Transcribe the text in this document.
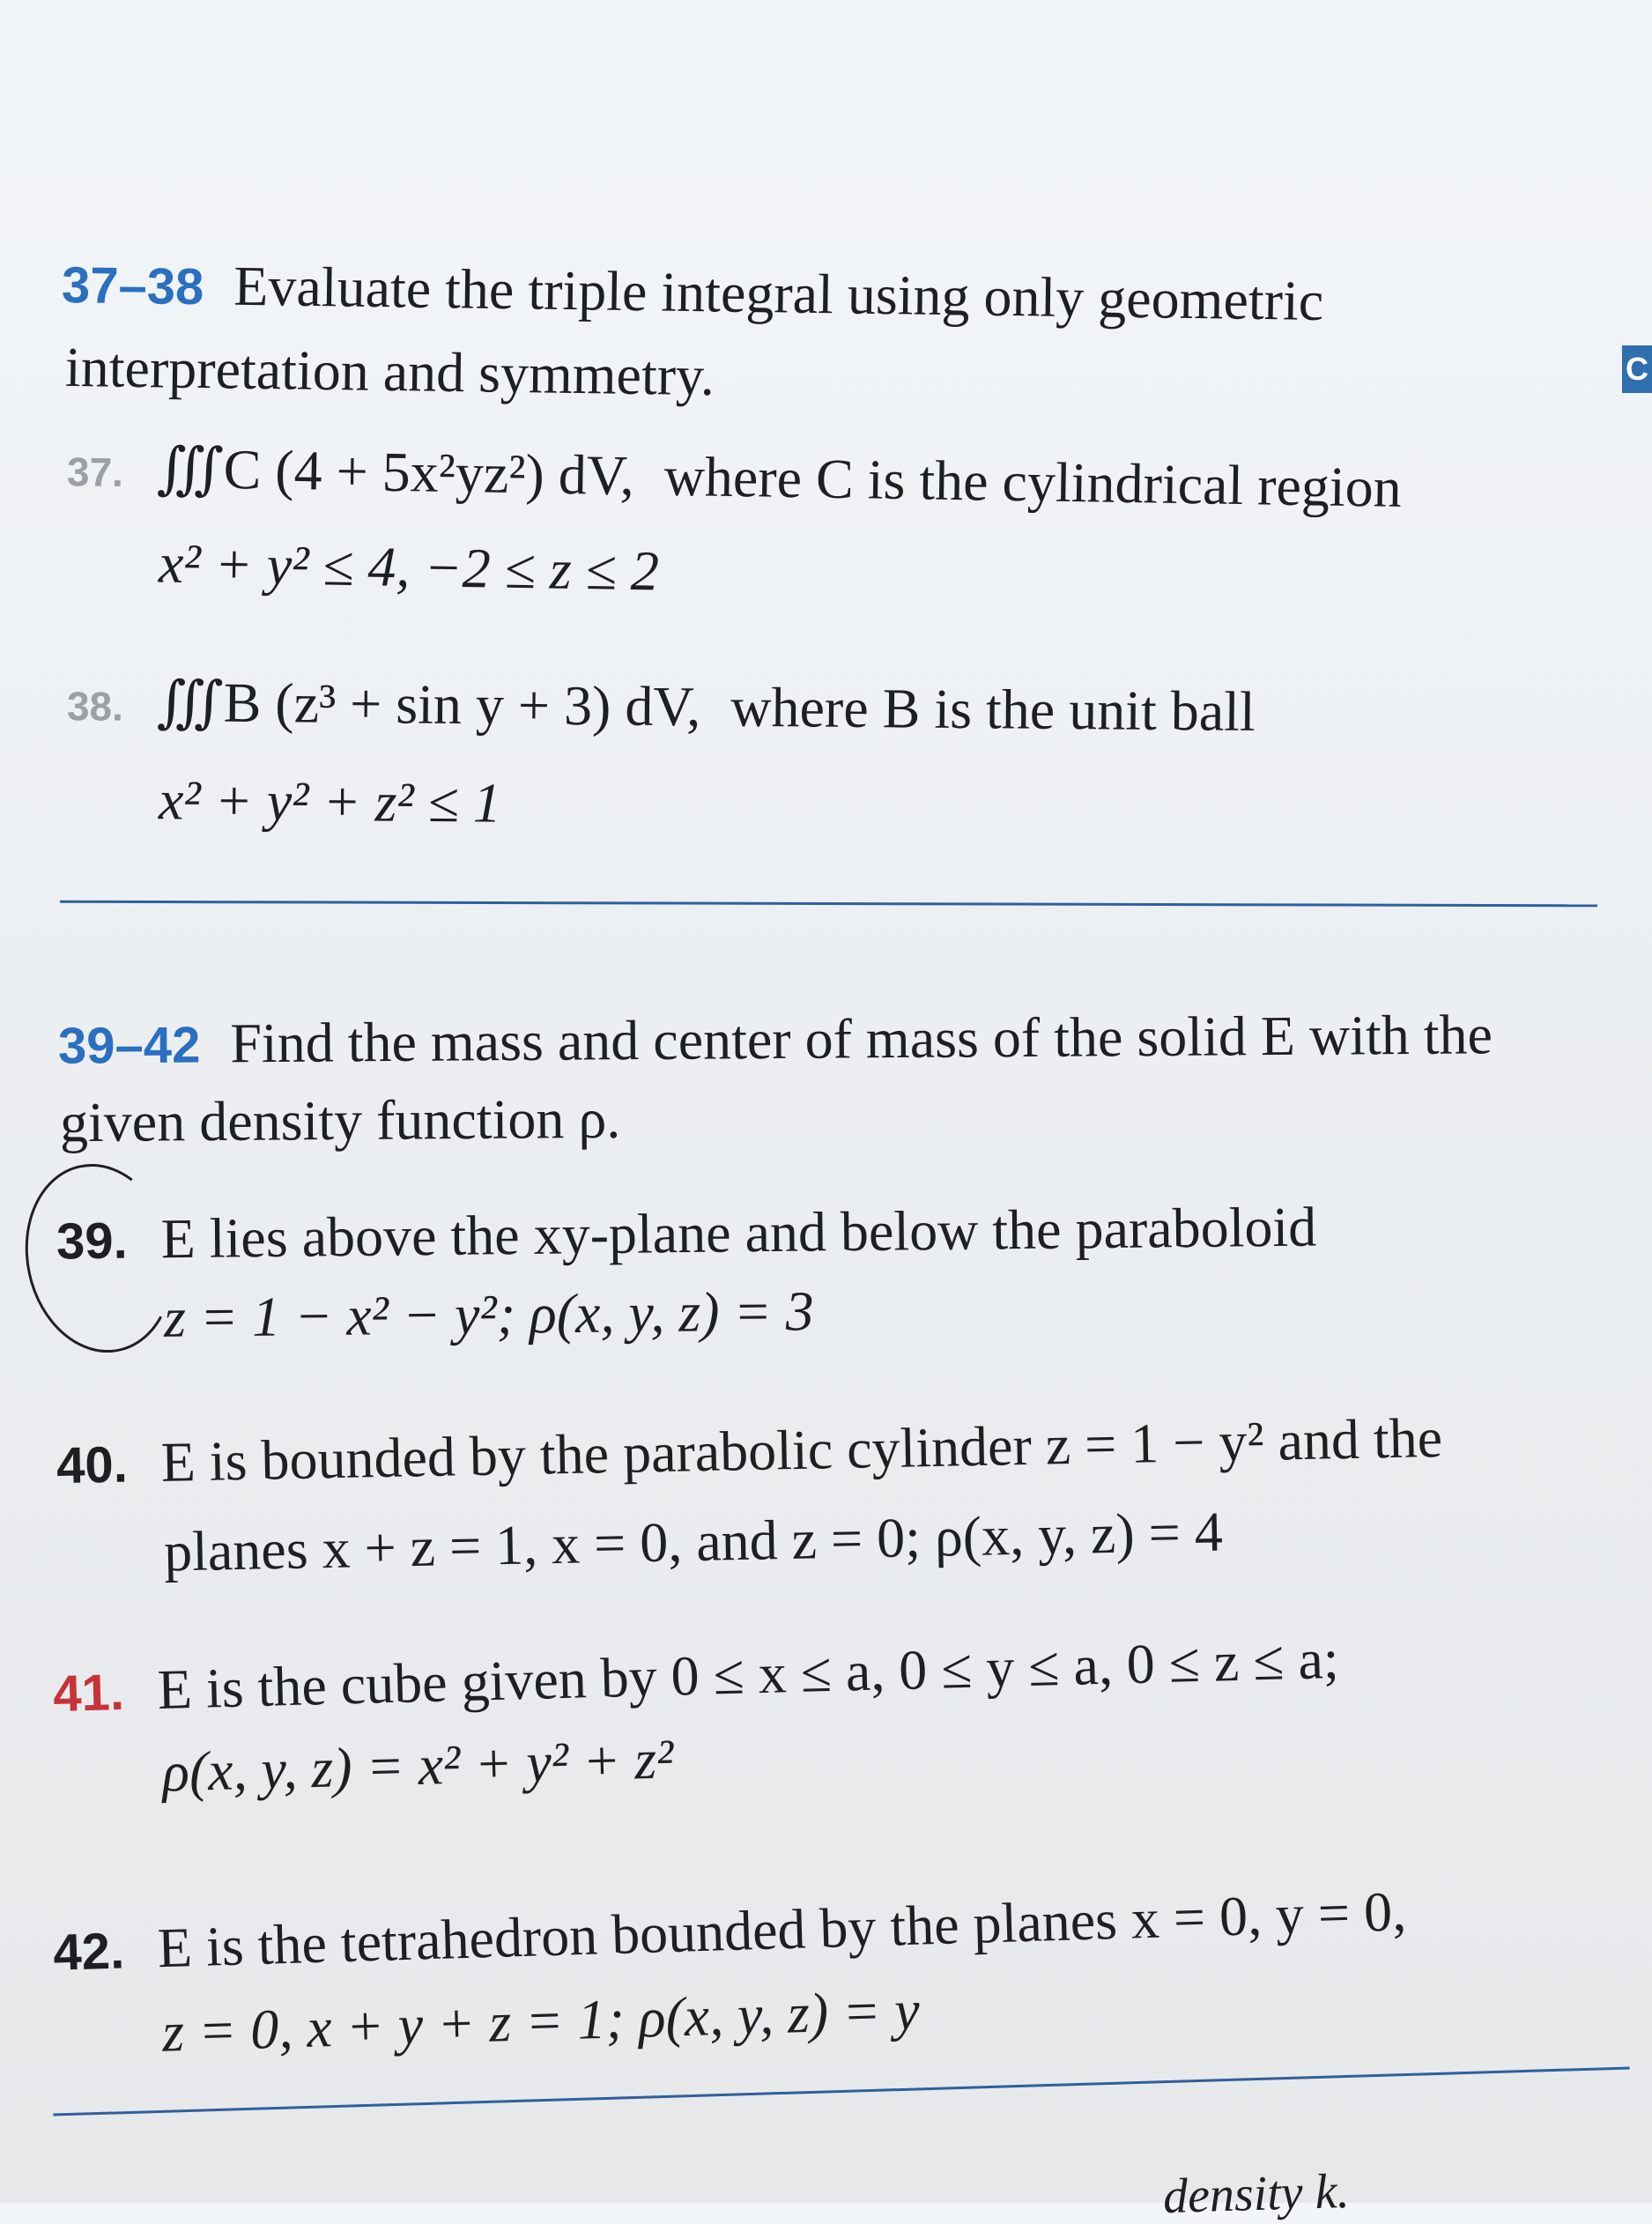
37–38 Evaluate the triple integral using only geometric
interpretation and symmetry.	C
37. ∭C (4 + 5x²yz²) dV, where C is the cylindrical region
x² + y² ≤ 4, −2 ≤ z ≤ 2
38. ∭B (z³ + sin y + 3) dV, where B is the unit ball
x² + y² + z² ≤ 1
39–42 Find the mass and center of mass of the solid E with the
given density function ρ.
39. E lies above the xy-plane and below the paraboloid
z = 1 − x² − y²; ρ(x, y, z) = 3
40. E is bounded by the parabolic cylinder z = 1 − y² and the
planes x + z = 1, x = 0, and z = 0; ρ(x, y, z) = 4
41. E is the cube given by 0 ≤ x ≤ a, 0 ≤ y ≤ a, 0 ≤ z ≤ a;
ρ(x, y, z) = x² + y² + z²
42. E is the tetrahedron bounded by the planes x = 0, y = 0,
z = 0, x + y + z = 1; ρ(x, y, z) = y
density k.
